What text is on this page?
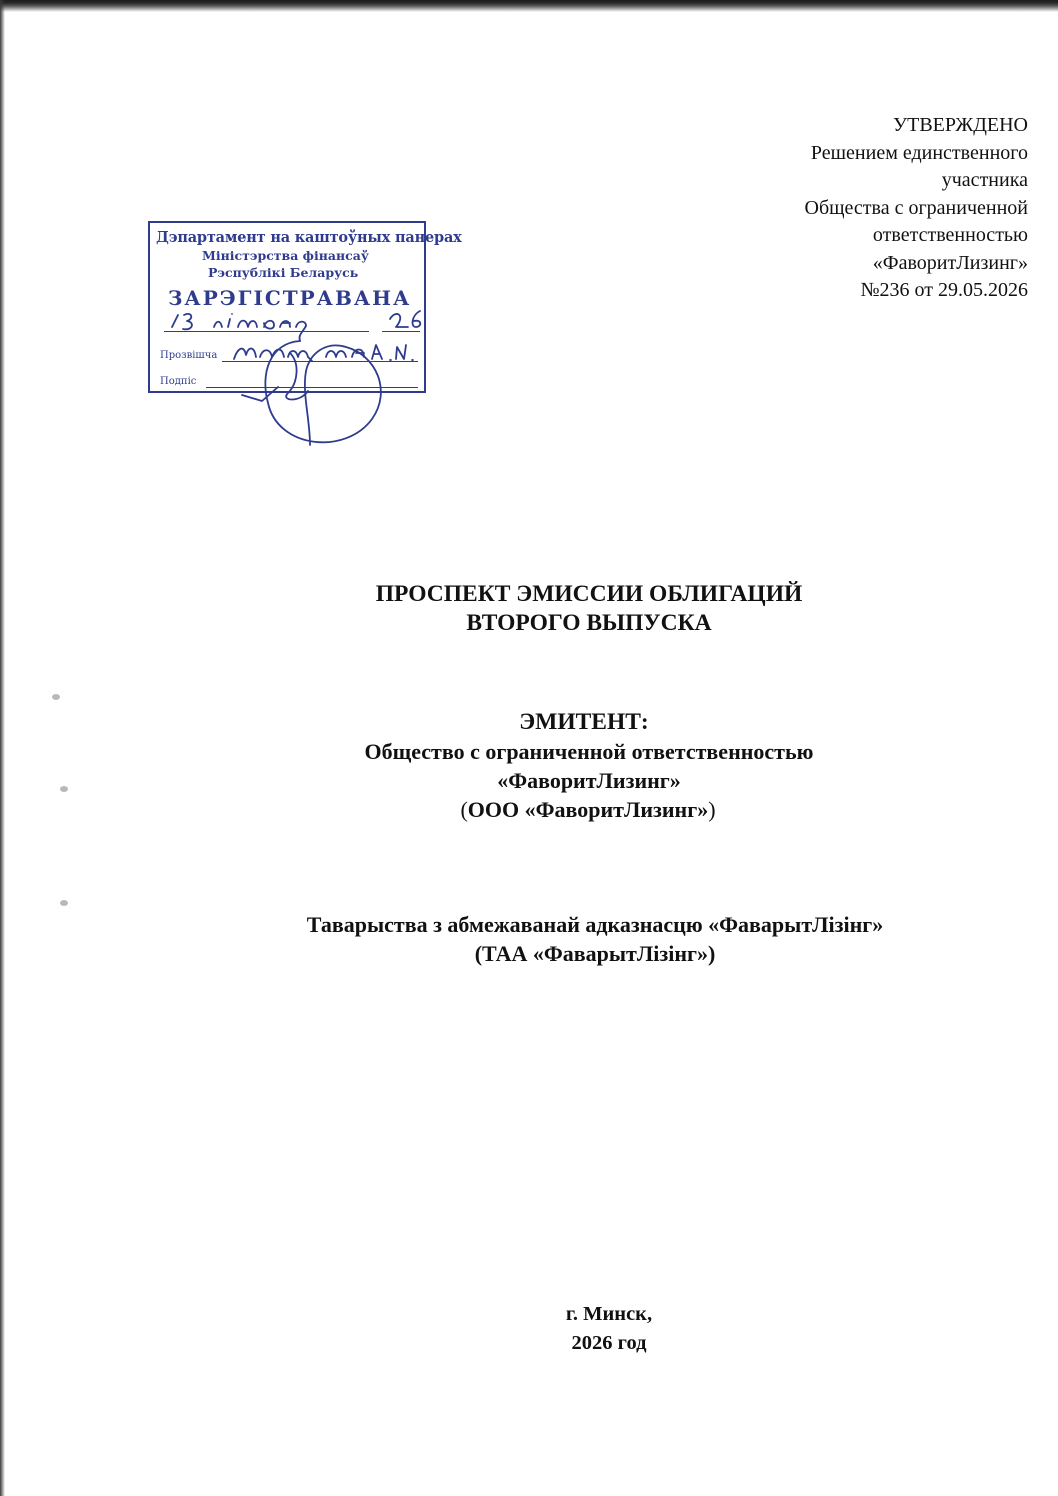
УТВЕРЖДЕНО
Решением единственного
участника
Общества с ограниченной
ответственностью
«ФаворитЛизинг»
№236 от 29.05.2026
Дэпартамент на каштоўных панерах
Міністэрства фінансаў
Рэспублікі Беларусь
ЗАРЭГІСТРАВАНА
Прозвішча
Подпіс
ПРОСПЕКТ ЭМИССИИ ОБЛИГАЦИЙ
ВТОРОГО ВЫПУСКА
ЭМИТЕНТ:
Общество с ограниченной ответственностью
«ФаворитЛизинг»
(ООО «ФаворитЛизинг»)
Таварыства з абмежаванай адказнасцю «ФаварытЛізінг»
(ТАА «ФаварытЛізінг»)
г. Минск,
2026 год
